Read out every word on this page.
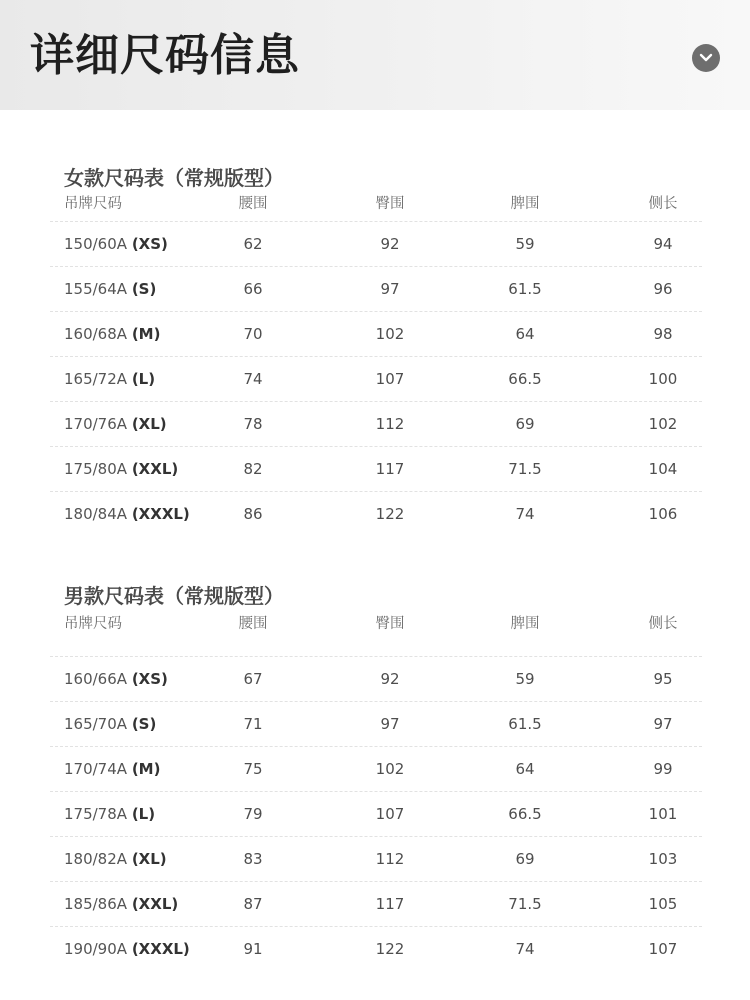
详细尺码信息
女款尺码表（常规版型）
吊牌尺码	腰围	臀围	脾围	侧长
150/60A (XS)	62	92	59	94
155/64A (S)	66	97	61.5	96
160/68A (M)	70	102	64	98
165/72A (L)	74	107	66.5	100
170/76A (XL)	78	112	69	102
175/80A (XXL)	82	117	71.5	104
180/84A (XXXL)	86	122	74	106
男款尺码表（常规版型）
吊牌尺码	腰围	臀围	脾围	侧长
160/66A (XS)	67	92	59	95
165/70A (S)	71	97	61.5	97
170/74A (M)	75	102	64	99
175/78A (L)	79	107	66.5	101
180/82A (XL)	83	112	69	103
185/86A (XXL)	87	117	71.5	105
190/90A (XXXL)	91	122	74	107
